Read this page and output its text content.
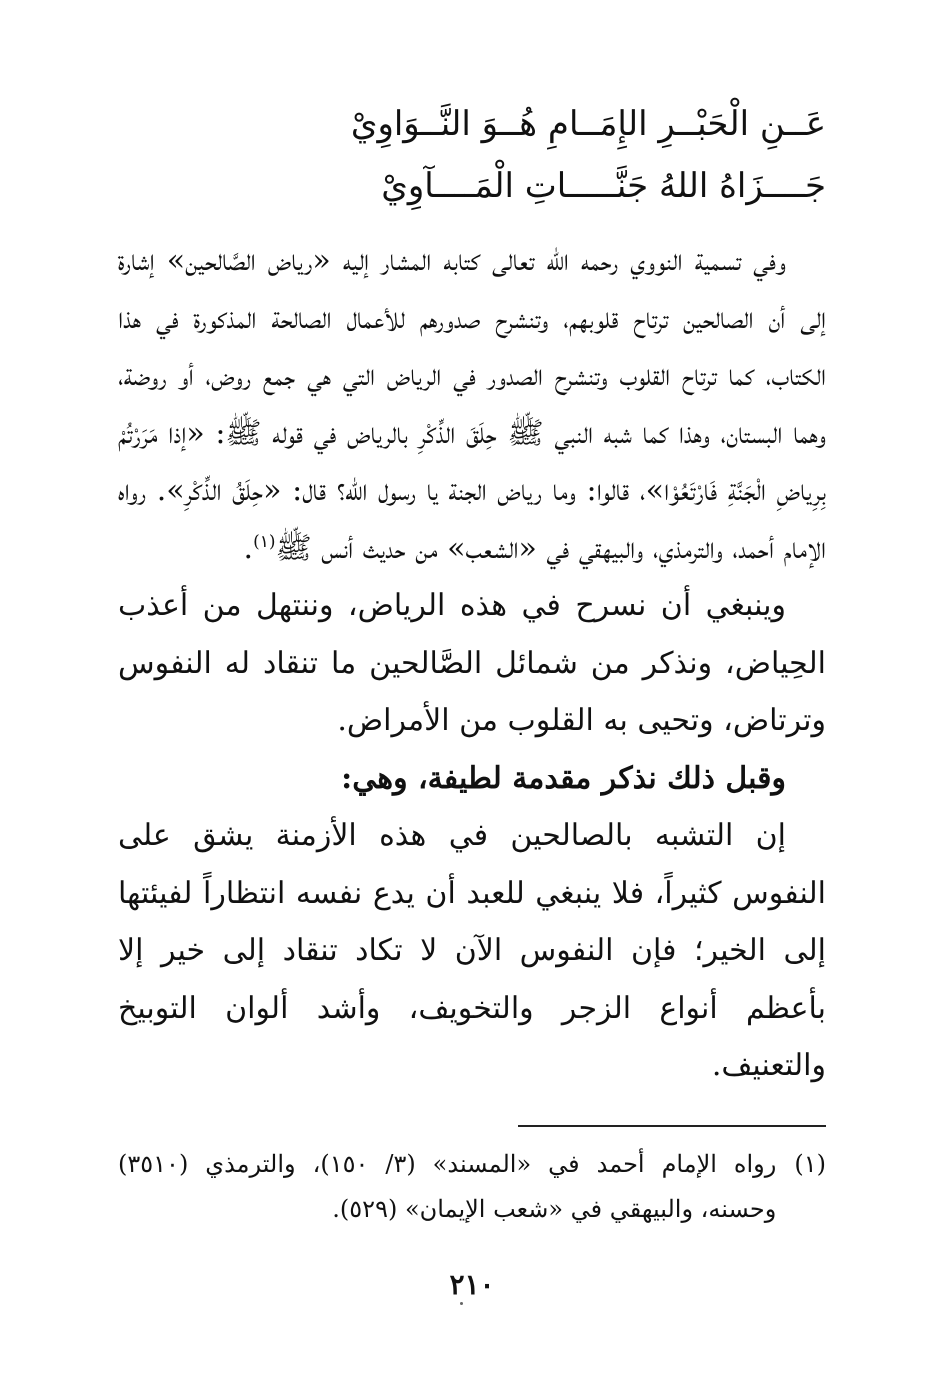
عَــنِ الْحَبْــرِ الإِمَــامِ هُــوَ النَّــوَاوِيْ
جَــــزَاهُ اللهُ جَنَّـــــاتِ الْمَــــآوِيْ

وفي تسمية النووي رحمه الله تعالى كتابه المشار إليه «رياض الصَّالحين» إشارة إلى أن الصالحين ترتاح قلوبهم، وتنشرح صدورهم للأعمال الصالحة المذكورة في هذا الكتاب، كما ترتاح القلوب وتنشرح الصدور في الرياض التي هي جمع روض، أو روضة، وهما البستان، وهذا كما شبه النبي ﷺ حِلَقَ الذِّكْرِ بالرياض في قوله ﷺ: «إذا مَرَرْتُمْ بِرِياضِ الْجَنَّةِ فَارْتَعُوْا»، قالوا: وما رياض الجنة يا رسول الله؟ قال: «حِلَقُ الذِّكْرِ». رواه الإمام أحمد، والترمذي، والبيهقي في «الشعب» من حديث أنس ﷺ$^{(١)}$.

وينبغي أن نسرح في هذه الرياض، وننتهل من أعذب الحِياض، ونذكر من شمائل الصَّالحين ما تنقاد له النفوس وترتاض، وتحيى به القلوب من الأمراض.

وقبل ذلك نذكر مقدمة لطيفة، وهي:

إن التشبه بالصالحين في هذه الأزمنة يشق على النفوس كثيراً، فلا ينبغي للعبد أن يدع نفسه انتظاراً لفيئتها إلى الخير؛ فإن النفوس الآن لا تكاد تنقاد إلى خير إلا بأعظم أنواع الزجر والتخويف، وأشد ألوان التوبيخ والتعنيف.

(١)
رواه الإمام أحمد في «المسند» (٣/ ١٥٠)، والترمذي (٣٥١٠) وحسنه، والبيهقي في «شعب الإيمان» (٥٢٩).
٢١٠
